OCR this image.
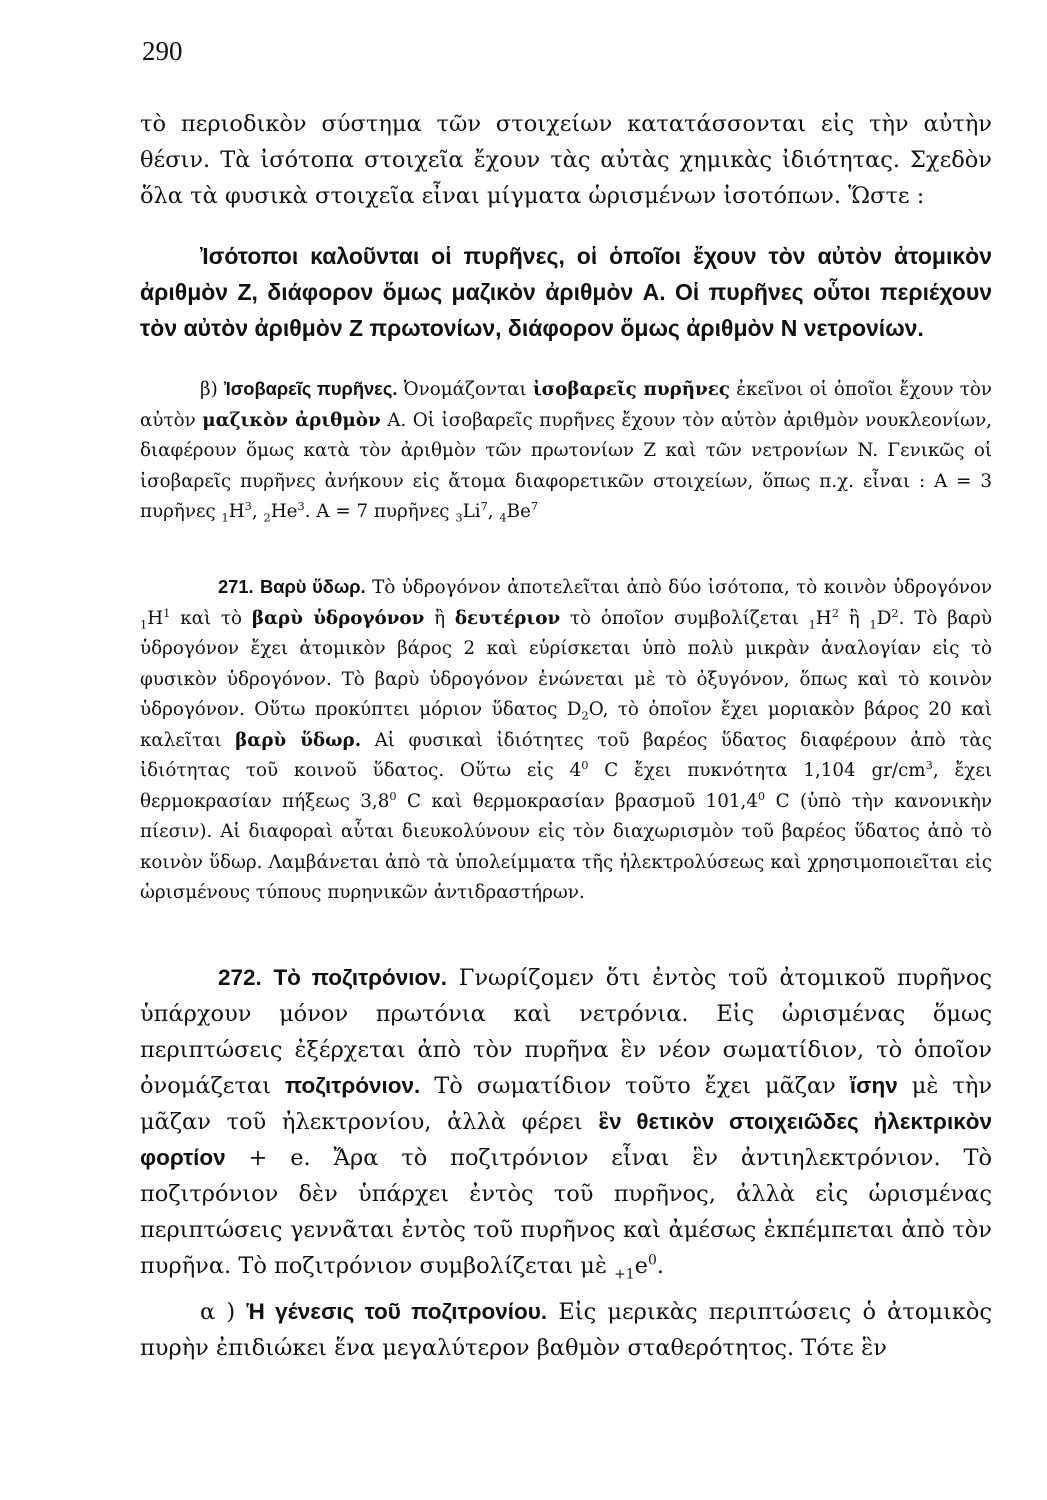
290

τὸ περιοδικὸν σύστημα τῶν στοιχείων κατατάσσονται εἰς τὴν αὐτὴν θέσιν. Τὰ ἰσότοπα στοιχεῖα ἔχουν τὰς αὐτὰς χημικὰς ἰδιότητας. Σχεδὸν ὅλα τὰ φυσικὰ στοιχεῖα εἶναι μίγματα ὡρισμένων ἰσοτόπων. Ὥστε :

Ἰσότοποι καλοῦνται οἱ πυρῆνες, οἱ ὁποῖοι ἔχουν τὸν αὐτὸν ἀτομικὸν ἀριθμὸν Z, διάφορον ὅμως μαζικὸν ἀριθμὸν A. Οἱ πυρῆνες οὗτοι περιέχουν τὸν αὐτὸν ἀριθμὸν Z πρωτονίων, διάφορον ὅμως ἀριθμὸν N νετρονίων.

β) Ἰσοβαρεῖς πυρῆνες. Ὀνομάζονται ἰσοβαρεῖς πυρῆνες ἐκεῖνοι οἱ ὁποῖοι ἔχουν τὸν αὐτὸν μαζικὸν ἀριθμὸν A. Οἱ ἰσοβαρεῖς πυρῆνες ἔχουν τὸν αὐτὸν ἀριθμὸν νουκλεονίων, διαφέρουν ὅμως κατὰ τὸν ἀριθμὸν τῶν πρωτονίων Z καὶ τῶν νετρονίων N. Γενικῶς οἱ ἰσοβαρεῖς πυρῆνες ἀνήκουν εἰς ἄτομα διαφορετικῶν στοιχείων, ὅπως π.χ. εἶναι : A = 3 πυρῆνες $_1H^3$, $_2He^3$. A = 7 πυρῆνες $_3Li^7$, $_4Be^7$

271. Βαρὺ ὕδωρ. Τὸ ὑδρογόνον ἀποτελεῖται ἀπὸ δύο ἰσότοπα, τὸ κοινὸν ὑδρογόνον $_1H^1$ καὶ τὸ βαρὺ ὑδρογόνον ἢ δευτέριον τὸ ὁποῖον συμβολίζεται $_1H^2$ ἢ $_1D^2$. Τὸ βαρὺ ὑδρογόνον ἔχει ἀτομικὸν βάρος 2 καὶ εὑρίσκεται ὑπὸ πολὺ μικρὰν ἀναλογίαν εἰς τὸ φυσικὸν ὑδρογόνον. Τὸ βαρὺ ὑδρογόνον ἑνώνεται μὲ τὸ ὀξυγόνον, ὅπως καὶ τὸ κοινὸν ὑδρογόνον. Οὕτω προκύπτει μόριον ὕδατος $D_2O$, τὸ ὁποῖον ἔχει μοριακὸν βάρος 20 καὶ καλεῖται βαρὺ ὕδωρ. Αἱ φυσικαὶ ἰδιότητες τοῦ βαρέος ὕδατος διαφέρουν ἀπὸ τὰς ἰδιότητας τοῦ κοινοῦ ὕδατος. Οὕτω εἰς $4^0$ C ἔχει πυκνότητα 1,104 $gr/cm^3$, ἔχει θερμοκρασίαν πήξεως $3,8^0$ C καὶ θερμοκρασίαν βρασμοῦ 101,4$^0$ C (ὑπὸ τὴν κανονικὴν πίεσιν). Αἱ διαφοραὶ αὗται διευκολύνουν εἰς τὸν διαχωρισμὸν τοῦ βαρέος ὕδατος ἀπὸ τὸ κοινὸν ὕδωρ. Λαμβάνεται ἀπὸ τὰ ὑπολείμματα τῆς ἠλεκτρολύσεως καὶ χρησιμοποιεῖται εἰς ὡρισμένους τύπους πυρηνικῶν ἀντιδραστήρων.

272. Τὸ ποζιτρόνιον. Γνωρίζομεν ὅτι ἐντὸς τοῦ ἀτομικοῦ πυρῆνος ὑπάρχουν μόνον πρωτόνια καὶ νετρόνια. Εἰς ὡρισμένας ὅμως περιπτώσεις ἐξέρχεται ἀπὸ τὸν πυρῆνα ἓν νέον σωματίδιον, τὸ ὁποῖον ὀνομάζεται ποζιτρόνιον. Τὸ σωματίδιον τοῦτο ἔχει μᾶζαν ἴσην μὲ τὴν μᾶζαν τοῦ ἠλεκτρονίου, ἀλλὰ φέρει ἓν θετικὸν στοιχειῶδες ἠλεκτρικὸν φορτίον + e. Ἄρα τὸ ποζιτρόνιον εἶναι ἓν ἀντιηλεκτρόνιον. Τὸ ποζιτρόνιον δὲν ὑπάρχει ἐντὸς τοῦ πυρῆνος, ἀλλὰ εἰς ὡρισμένας περιπτώσεις γεννᾶται ἐντὸς τοῦ πυρῆνος καὶ ἀμέσως ἐκπέμπεται ἀπὸ τὸν πυρῆνα. Τὸ ποζιτρόνιον συμβολίζεται μὲ $_{+1}e^0$.

α ) Ἡ γένεσις τοῦ ποζιτρονίου. Εἰς μερικὰς περιπτώσεις ὁ ἀτομικὸς πυρὴν ἐπιδιώκει ἕνα μεγαλύτερον βαθμὸν σταθερότητος. Τότε ἓν
